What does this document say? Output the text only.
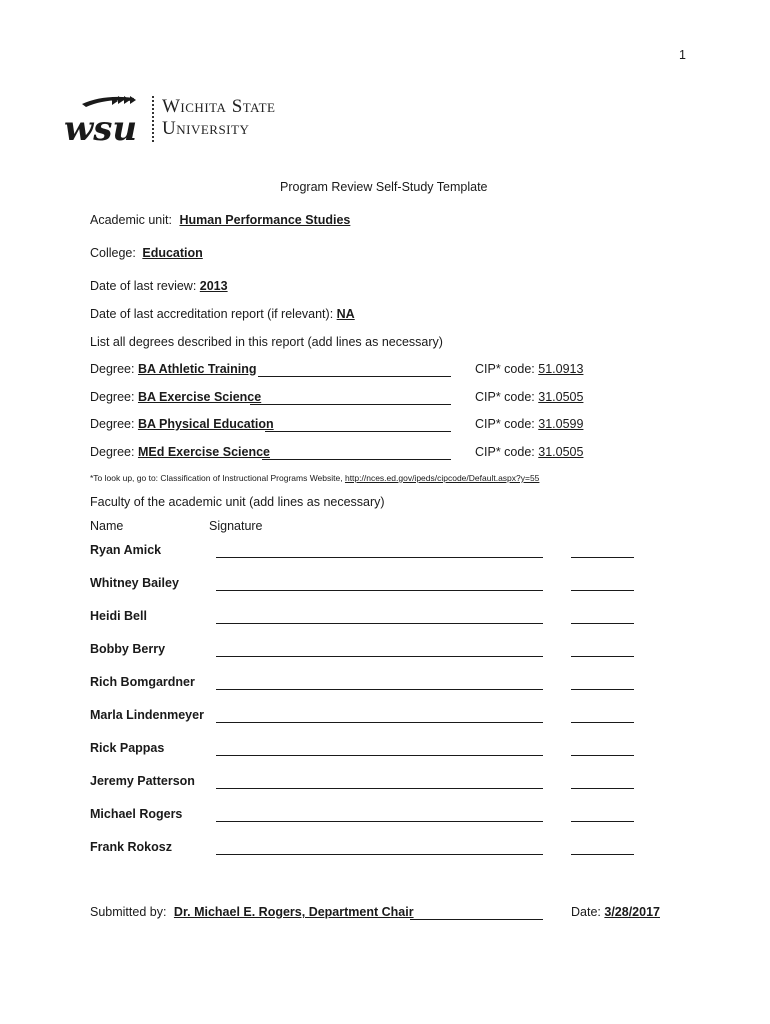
1
wsu
Wichita State
University
Program Review Self-Study Template
Academic unit: Human Performance Studies
College: Education
Date of last review: 2013
Date of last accreditation report (if relevant): NA
List all degrees described in this report (add lines as necessary)
Degree: BA Athletic Training	CIP* code: 51.0913
Degree: BA Exercise Science	CIP* code: 31.0505
Degree: BA Physical Education	CIP* code: 31.0599
Degree: MEd Exercise Science	CIP* code: 31.0505
*To look up, go to: Classification of Instructional Programs Website, http://nces.ed.gov/ipeds/cipcode/Default.aspx?y=55
Faculty of the academic unit (add lines as necessary)
Name	Signature
Ryan Amick
Whitney Bailey
Heidi Bell
Bobby Berry
Rich Bomgardner
Marla Lindenmeyer
Rick Pappas
Jeremy Patterson
Michael Rogers
Frank Rokosz
Submitted by: Dr. Michael E. Rogers, Department Chair	Date: 3/28/2017
